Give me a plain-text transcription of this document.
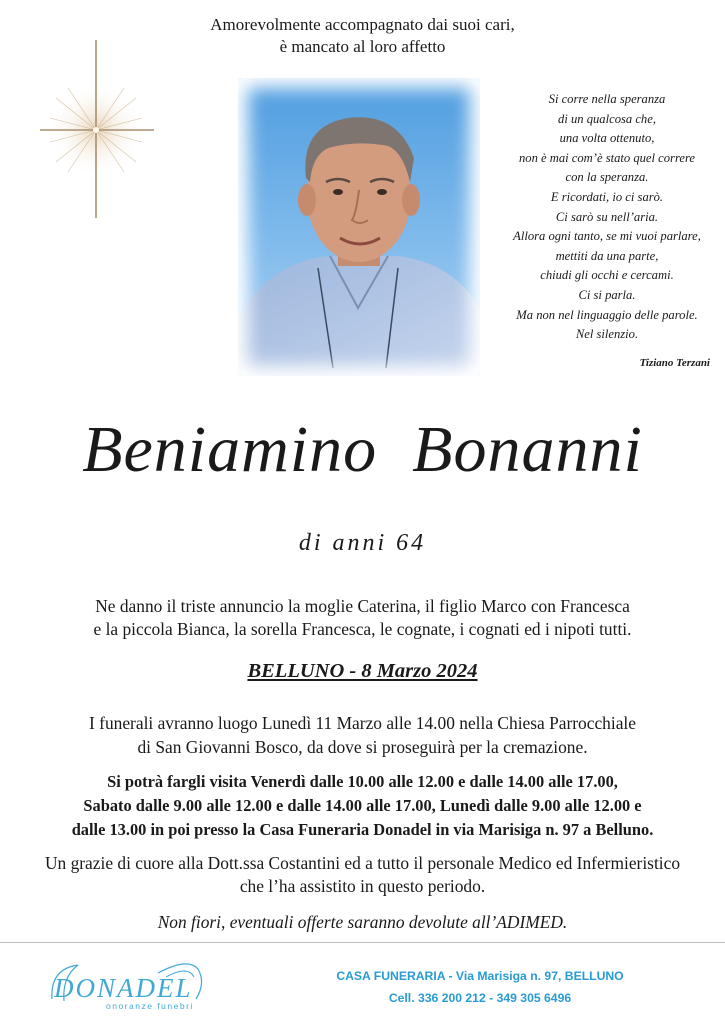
Amorevolmente accompagnato dai suoi cari,
è mancato al loro affetto
Si corre nella speranza
di un qualcosa che,
una volta ottenuto,
non è mai com’è stato quel correre
con la speranza.
E ricordati, io ci sarò.
Ci sarò su nell’aria.
Allora ogni tanto, se mi vuoi parlare,
mettiti da una parte,
chiudi gli occhi e cercami.
Ci si parla.
Ma non nel linguaggio delle parole.
Nel silenzio.
Tiziano Terzani
Beniamino  Bonanni
di anni 64
Ne danno il triste annuncio la moglie Caterina, il figlio Marco con Francesca
e la piccola Bianca, la sorella Francesca, le cognate, i cognati ed i nipoti tutti.
BELLUNO - 8 Marzo 2024
I funerali avranno luogo Lunedì 11 Marzo alle 14.00 nella Chiesa Parrocchiale
di San Giovanni Bosco, da dove si proseguirà per la cremazione.
Si potrà fargli visita Venerdì dalle 10.00 alle 12.00 e dalle 14.00 alle 17.00,
Sabato dalle 9.00 alle 12.00 e dalle 14.00 alle 17.00, Lunedì dalle 9.00 alle 12.00 e
dalle 13.00 in poi presso la Casa Funeraria Donadel in via Marisiga n. 97 a Belluno.
Un grazie di cuore alla Dott.ssa Costantini ed a tutto il personale Medico ed Infermieristico
che l’ha assistito in questo periodo.
Non fiori, eventuali offerte saranno devolute all’ADIMED.
DONADEL
onoranze funebri
CASA FUNERARIA - Via Marisiga n. 97, BELLUNO
Cell. 336 200 212 - 349 305 6496
